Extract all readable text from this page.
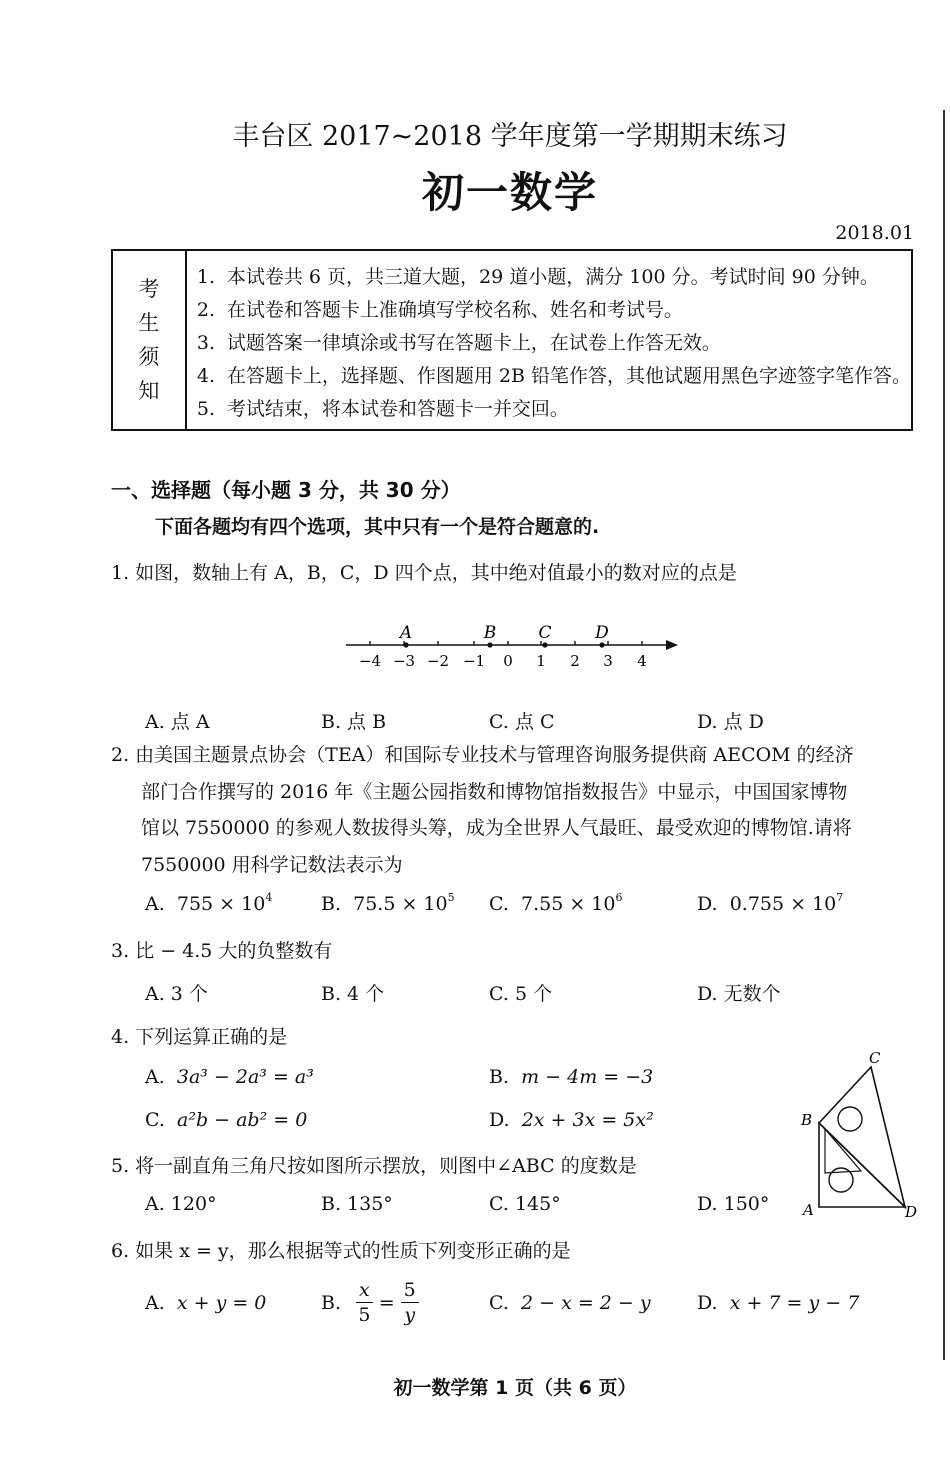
丰台区 2017~2018 学年度第一学期期末练习
初一数学
2018.01
考
生
须
知
1. 本试卷共 6 页，共三道大题，29 道小题，满分 100 分。考试时间 90 分钟。
2. 在试卷和答题卡上准确填写学校名称、姓名和考试号。
3. 试题答案一律填涂或书写在答题卡上，在试卷上作答无效。
4. 在答题卡上，选择题、作图题用 2B 铅笔作答，其他试题用黑色字迹签字笔作答。
5. 考试结束，将本试卷和答题卡一并交回。
一、选择题（每小题 3 分，共 30 分）
下面各题均有四个选项，其中只有一个是符合题意的.
1. 如图，数轴上有 A，B，C，D 四个点，其中绝对值最小的数对应的点是
−4 −3 −2 −1 0 1 2 3 4
A	B C	D
A. 点 A	B. 点 B	C. 点 C	D. 点 D
2. 由美国主题景点协会（TEA）和国际专业技术与管理咨询服务提供商 AECOM 的经济
部门合作撰写的 2016 年《主题公园指数和博物馆指数报告》中显示，中国国家博物
馆以 7550000 的参观人数拔得头筹，成为全世界人气最旺、最受欢迎的博物馆.请将
7550000 用科学记数法表示为
A. $755 \times 10^4$	B. $75.5 \times 10^5$ C. $7.55 \times 10^6$	D. $0.755 \times 10^7$
3. 比 − 4.5 大的负整数有
A. 3 个	B. 4 个	C. 5 个	D. 无数个
4. 下列运算正确的是
A. 3a³ − 2a³ = a³	B. m − 4m = −3
C. a²b − ab² = 0	D. 2x + 3x = 5x²
A
B
C
D
5. 将一副直角三角尺按如图所示摆放，则图中∠ABC 的度数是
A. 120°	B. 135°	C. 145°	D. 150°
6. 如果 x = y，那么根据等式的性质下列变形正确的是
A. x + y = 0	B. $\frac{x}{5} = \frac{5}{y}$	C. 2 − x = 2 − y D. x + 7 = y − 7
初一数学第 1 页（共 6 页）
